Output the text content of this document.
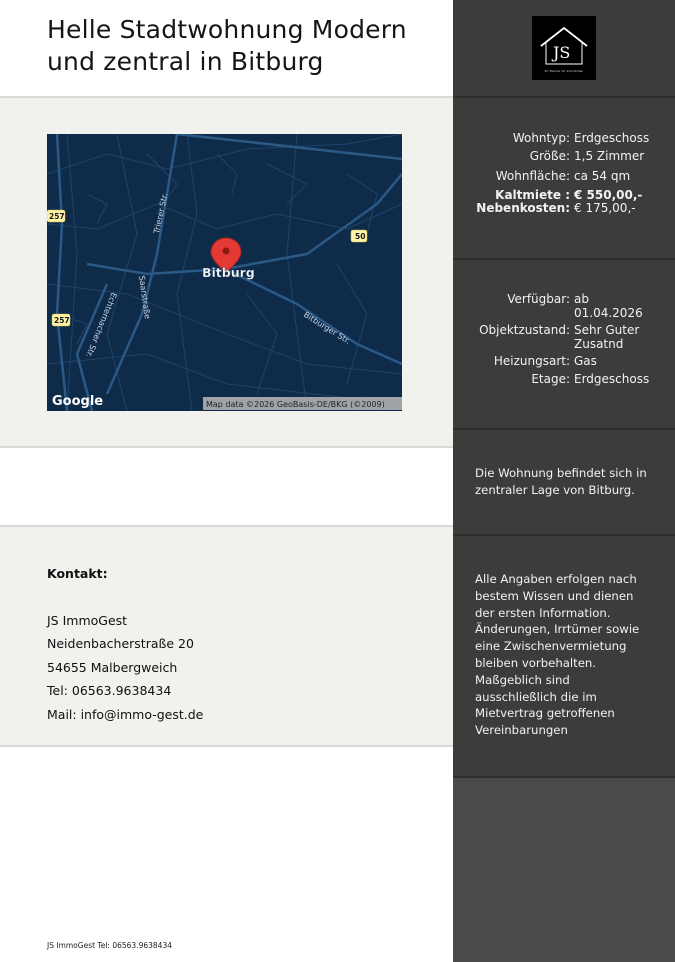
Helle Stadtwohnung Modern
und zentral in Bitburg
257
257
50
Trierer Str.
Saarstraße
Echternacher Str.	Bitburger Str.
Bitburg
Google	Map data ©2026 GeoBasis-DE/BKG (©2009)
Kontakt:
JS ImmoGest
Neidenbacherstraße 20
54655 Malbergweich
Tel: 06563.9638434
Mail: info@immo-gest.de
JS ImmoGest Tel: 06563.9638434
JS
Ihr Partner für Immobilien
Wohntyp: Erdgeschoss
Größe: 1,5 Zimmer
Wohnfläche: ca 54 qm
Kaltmiete : € 550,00,-
Nebenkosten: € 175,00,-
Verfügbar: ab
01.04.2026
Objektzustand: Sehr Guter
Zusatnd
Heizungsart: Gas
Etage: Erdgeschoss
Die Wohnung befindet sich in
zentraler Lage von Bitburg.
Alle Angaben erfolgen nach
bestem Wissen und dienen
der ersten Information.
Änderungen, Irrtümer sowie
eine Zwischenvermietung
bleiben vorbehalten.
Maßgeblich sind
ausschließlich die im
Mietvertrag getroffenen
Vereinbarungen
